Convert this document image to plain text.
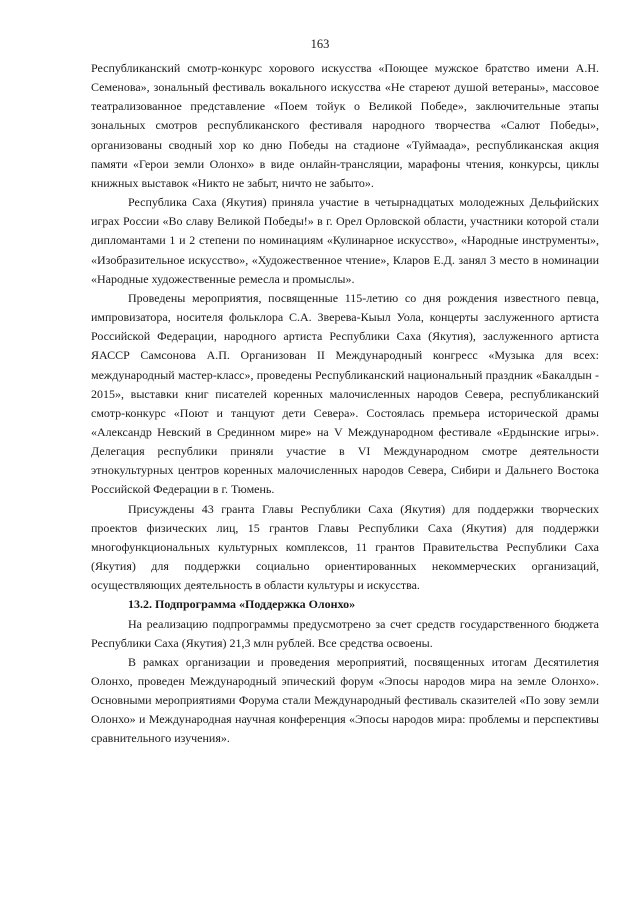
163

Республиканский смотр-конкурс хорового искусства «Поющее мужское братство имени А.Н. Семенова», зональный фестиваль вокального искусства «Не стареют душой ветераны», массовое театрализованное представление «Поем тойук о Великой Победе», заключительные этапы зональных смотров республиканского фестиваля народного творчества «Салют Победы», организованы сводный хор ко дню Победы на стадионе «Туймаада», республиканская акция памяти «Герои земли Олонхо» в виде онлайн-трансляции, марафоны чтения, конкурсы, циклы книжных выставок «Никто не забыт, ничто не забыто».

Республика Саха (Якутия) приняла участие в четырнадцатых молодежных Дельфийских играх России «Во славу Великой Победы!» в г. Орел Орловской области, участники которой стали дипломантами 1 и 2 степени по номинациям «Кулинарное искусство», «Народные инструменты», «Изобразительное искусство», «Художественное чтение», Кларов Е.Д. занял 3 место в номинации «Народные художественные ремесла и промыслы».

Проведены мероприятия, посвященные 115-летию со дня рождения известного певца, импровизатора, носителя фольклора С.А. Зверева-Кыыл Уола, концерты заслуженного артиста Российской Федерации, народного артиста Республики Саха (Якутия), заслуженного артиста ЯАССР Самсонова А.П. Организован II Международный конгресс «Музыка для всех: международный мастер-класс», проведены Республиканский национальный праздник «Бакалдын - 2015», выставки книг писателей коренных малочисленных народов Севера, республиканский смотр-конкурс «Поют и танцуют дети Севера». Состоялась премьера исторической драмы «Александр Невский в Срединном мире» на V Международном фестивале «Ердынские игры». Делегация республики приняли участие в VI Международном смотре деятельности этнокультурных центров коренных малочисленных народов Севера, Сибири и Дальнего Востока Российской Федерации в г. Тюмень.

Присуждены 43 гранта Главы Республики Саха (Якутия) для поддержки творческих проектов физических лиц, 15 грантов Главы Республики Саха (Якутия) для поддержки многофункциональных культурных комплексов, 11 грантов Правительства Республики Саха (Якутия) для поддержки социально ориентированных некоммерческих организаций, осуществляющих деятельность в области культуры и искусства.

13.2. Подпрограмма «Поддержка Олонхо»

На реализацию подпрограммы предусмотрено за счет средств государственного бюджета Республики Саха (Якутия) 21,3 млн рублей. Все средства освоены.

В рамках организации и проведения мероприятий, посвященных итогам Десятилетия Олонхо, проведен Международный эпический форум «Эпосы народов мира на земле Олонхо». Основными мероприятиями Форума стали Международный фестиваль сказителей «По зову земли Олонхо» и Международная научная конференция «Эпосы народов мира: проблемы и перспективы сравнительного изучения».
